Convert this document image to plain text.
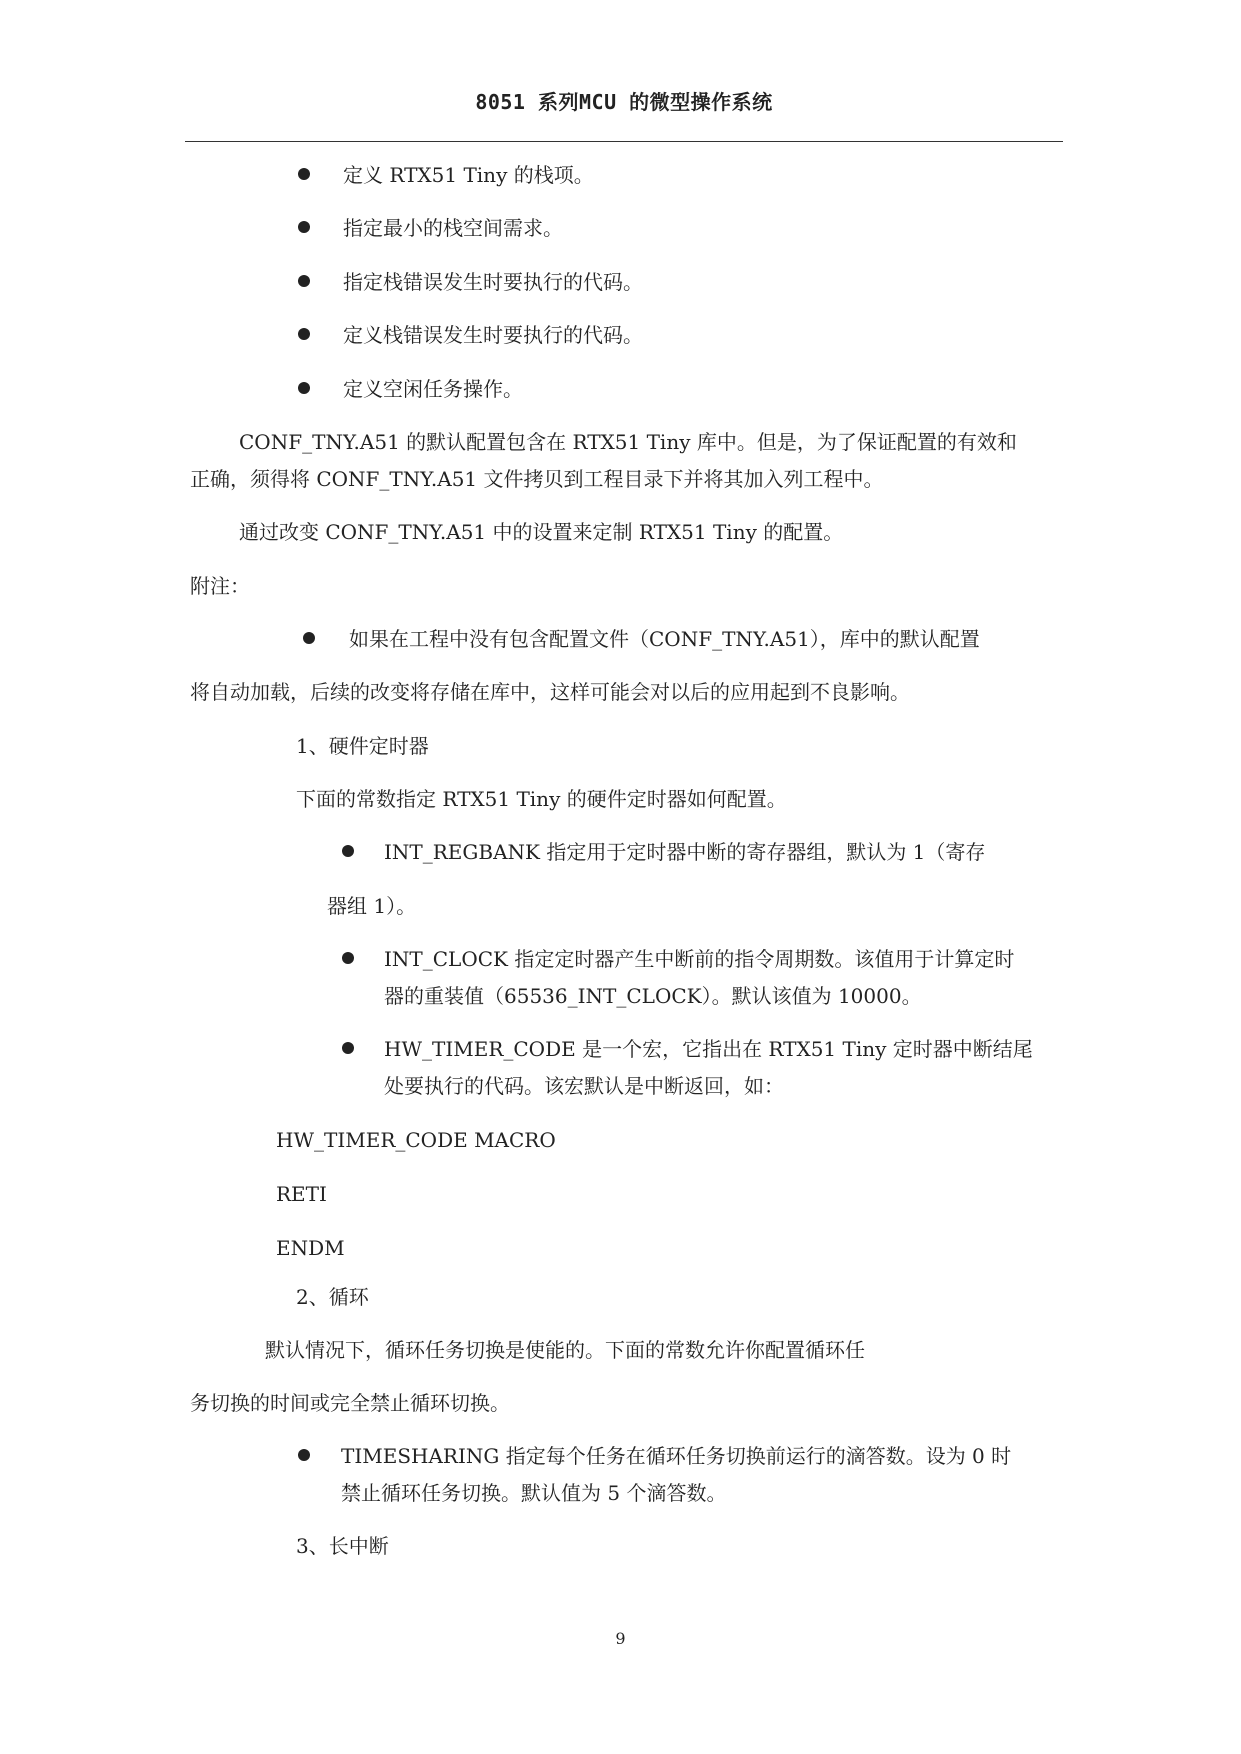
8051 系列MCU 的微型操作系统
定义 RTX51 Tiny 的栈项。
指定最小的栈空间需求。
指定栈错误发生时要执行的代码。
定义栈错误发生时要执行的代码。
定义空闲任务操作。
CONF_TNY.A51 的默认配置包含在 RTX51 Tiny 库中。但是，为了保证配置的有效和
正确，须得将 CONF_TNY.A51 文件拷贝到工程目录下并将其加入列工程中。
通过改变 CONF_TNY.A51 中的设置来定制 RTX51 Tiny 的配置。
附注：
如果在工程中没有包含配置文件（CONF_TNY.A51），库中的默认配置
将自动加载，后续的改变将存储在库中，这样可能会对以后的应用起到不良影响。
1、硬件定时器
下面的常数指定 RTX51 Tiny 的硬件定时器如何配置。
INT_REGBANK 指定用于定时器中断的寄存器组，默认为 1（寄存
器组 1）。
INT_CLOCK 指定定时器产生中断前的指令周期数。该值用于计算定时
器的重装值（65536_INT_CLOCK）。默认该值为 10000。
HW_TIMER_CODE 是一个宏，它指出在 RTX51 Tiny 定时器中断结尾
处要执行的代码。该宏默认是中断返回，如：
HW_TIMER_CODE MACRO
RETI
ENDM
2、循环
默认情况下，循环任务切换是使能的。下面的常数允许你配置循环任
务切换的时间或完全禁止循环切换。
TIMESHARING 指定每个任务在循环任务切换前运行的滴答数。设为 0 时
禁止循环任务切换。默认值为 5 个滴答数。
3、长中断
9
